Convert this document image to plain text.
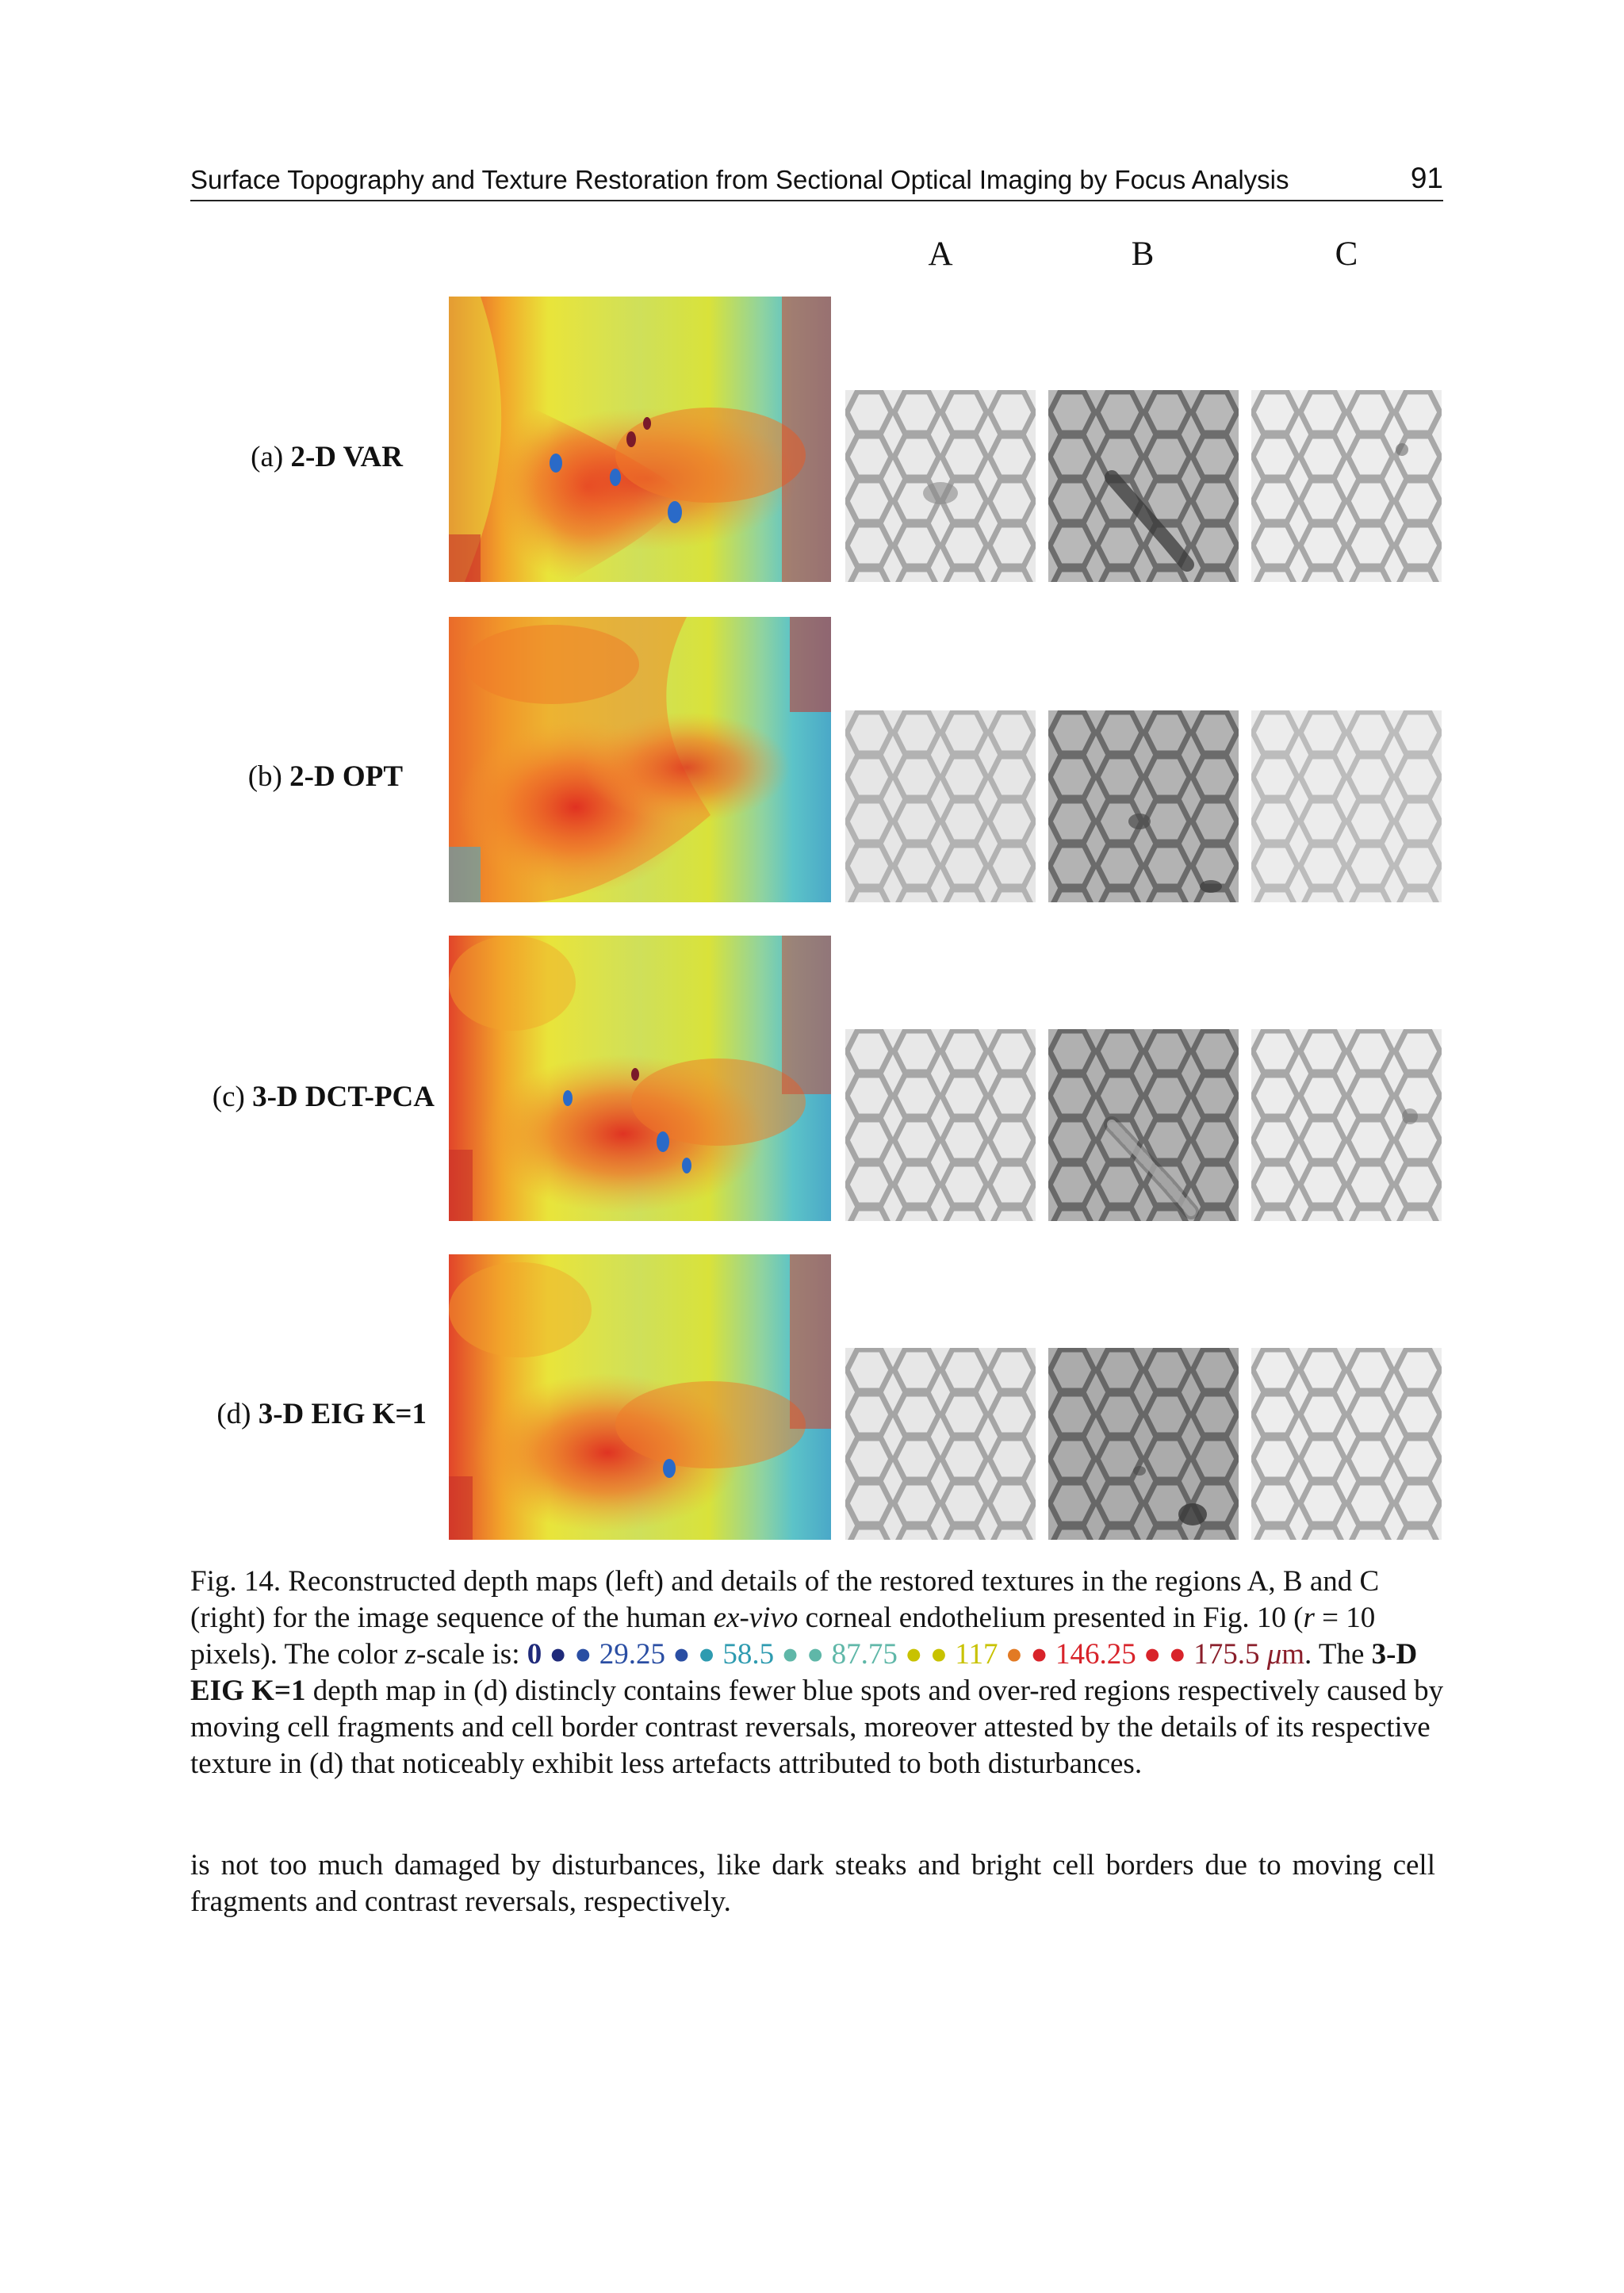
Surface Topography and Texture Restoration from Sectional Optical Imaging by Focus Analysis	91
A	B	C
(a) 2-D VAR
(b) 2-D OPT
(c) 3-D DCT-PCA
(d) 3-D EIG K=1
Fig. 14. Reconstructed depth maps (left) and details of the restored textures in the regions A, B and C (right) for the image sequence of the human ex-vivo corneal endothelium presented in Fig. 10 (r = 10 pixels). The color z-scale is: 0 ● ● 29.25 ● ● 58.5 ● ● 87.75 ● ● 117 ● ● 146.25 ● ● 175.5 μm. The 3-D EIG K=1 depth map in (d) distincly contains fewer blue spots and over-red regions respectively caused by moving cell fragments and cell border contrast reversals, moreover attested by the details of its respective texture in (d) that noticeably exhibit less artefacts attributed to both disturbances.
is not too much damaged by disturbances, like dark steaks and bright cell borders due to moving cell fragments and contrast reversals, respectively.
